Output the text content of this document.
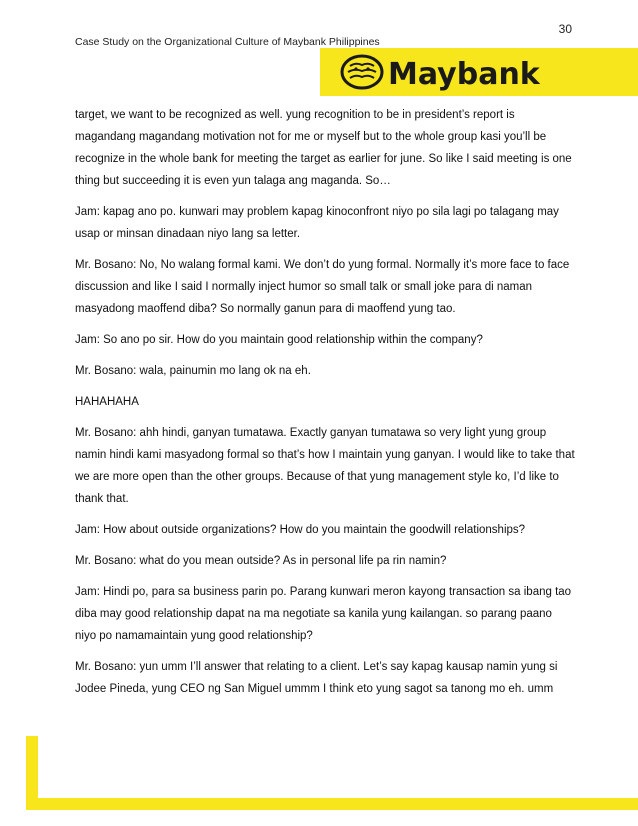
30
Case Study on the Organizational Culture of Maybank Philippines
Maybank

target, we want to be recognized as well. yung recognition to be in president’s report is magandang magandang motivation not for me or myself but to the whole group kasi you’ll be recognize in the whole bank for meeting the target as earlier for june. So like I said meeting is one thing but succeeding it is even yun talaga ang maganda. So…

Jam: kapag ano po. kunwari may problem kapag kinoconfront niyo po sila lagi po talagang may usap or minsan dinadaan niyo lang sa letter.

Mr. Bosano: No, No walang formal kami. We don’t do yung formal. Normally it’s more face to face discussion and like I said I normally inject humor so small talk or small joke para di naman masyadong maoffend diba? So normally ganun para di maoffend yung tao.

Jam: So ano po sir. How do you maintain good relationship within the company?

Mr. Bosano: wala, painumin mo lang ok na eh.

HAHAHAHA

Mr. Bosano: ahh hindi, ganyan tumatawa. Exactly ganyan tumatawa so very light yung group namin hindi kami masyadong formal so that’s how I maintain yung ganyan. I would like to take that we are more open than the other groups. Because of that yung management style ko, I’d like to thank that.

Jam: How about outside organizations? How do you maintain the goodwill relationships?

Mr. Bosano: what do you mean outside? As in personal life pa rin namin?

Jam: Hindi po, para sa business parin po. Parang kunwari meron kayong transaction sa ibang tao diba may good relationship dapat na ma negotiate sa kanila yung kailangan. so parang paano niyo po namamaintain yung good relationship?

Mr. Bosano: yun umm I’ll answer that relating to a client. Let’s say kapag kausap namin yung si Jodee Pineda, yung CEO ng San Miguel ummm I think eto yung sagot sa tanong mo eh. umm
